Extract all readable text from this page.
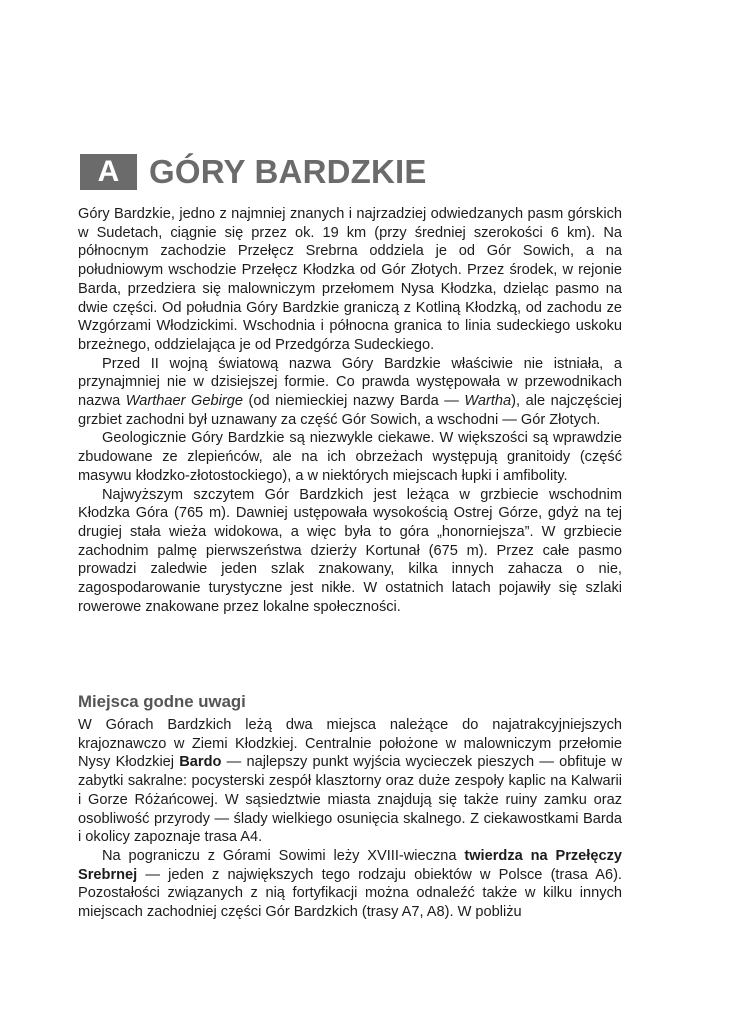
A GÓRY BARDZKIE

Góry Bardzkie, jedno z najmniej znanych i najrzadziej odwiedzanych pasm górskich w Sudetach, ciągnie się przez ok. 19 km (przy średniej szerokości 6 km). Na północnym zachodzie Przełęcz Srebrna oddziela je od Gór Sowich, a na południowym wschodzie Przełęcz Kłodzka od Gór Złotych. Przez środek, w rejonie Barda, przedziera się malowniczym przełomem Nysa Kłodzka, dzieląc pasmo na dwie części. Od południa Góry Bardzkie graniczą z Kotliną Kłodzką, od zachodu ze Wzgórzami Włodzickimi. Wschodnia i północna granica to linia sudeckiego uskoku brzeżnego, oddzielająca je od Przedgórza Sudeckiego.

Przed II wojną światową nazwa Góry Bardzkie właściwie nie istniała, a przynajmniej nie w dzisiejszej formie. Co prawda występowała w przewodnikach nazwa Warthaer Gebirge (od niemieckiej nazwy Barda — Wartha), ale najczęściej grzbiet zachodni był uznawany za część Gór Sowich, a wschodni — Gór Złotych.

Geologicznie Góry Bardzkie są niezwykle ciekawe. W większości są wprawdzie zbudowane ze zlepieńców, ale na ich obrzeżach występują granitoidy (część masywu kłodzko-złotostockiego), a w niektórych miejscach łupki i amfibolity.

Najwyższym szczytem Gór Bardzkich jest leżąca w grzbiecie wschodnim Kłodzka Góra (765 m). Dawniej ustępowała wysokością Ostrej Górze, gdyż na tej drugiej stała wieża widokowa, a więc była to góra „honorniejsza”. W grzbiecie zachodnim palmę pierwszeństwa dzierży Kortunał (675 m). Przez całe pasmo prowadzi zaledwie jeden szlak znakowany, kilka innych zahacza o nie, zagospodarowanie turystyczne jest nikłe. W ostatnich latach pojawiły się szlaki rowerowe znakowane przez lokalne społeczności.

Miejsca godne uwagi

W Górach Bardzkich leżą dwa miejsca należące do najatrakcyjniejszych krajoznawczo w Ziemi Kłodzkiej. Centralnie położone w malowniczym przełomie Nysy Kłodzkiej Bardo — najlepszy punkt wyjścia wycieczek pieszych — obfituje w zabytki sakralne: pocysterski zespół klasztorny oraz duże zespoły kaplic na Kalwarii i Gorze Różańcowej. W sąsiedztwie miasta znajdują się także ruiny zamku oraz osobliwość przyrody — ślady wielkiego osunięcia skalnego. Z ciekawostkami Barda i okolicy zapoznaje trasa A4.

Na pograniczu z Górami Sowimi leży XVIII-wieczna twierdza na Przełęczy Srebrnej — jeden z największych tego rodzaju obiektów w Polsce (trasa A6). Pozostałości związanych z nią fortyfikacji można odnaleźć także w kilku innych miejscach zachodniej części Gór Bardzkich (trasy A7, A8). W pobliżu
